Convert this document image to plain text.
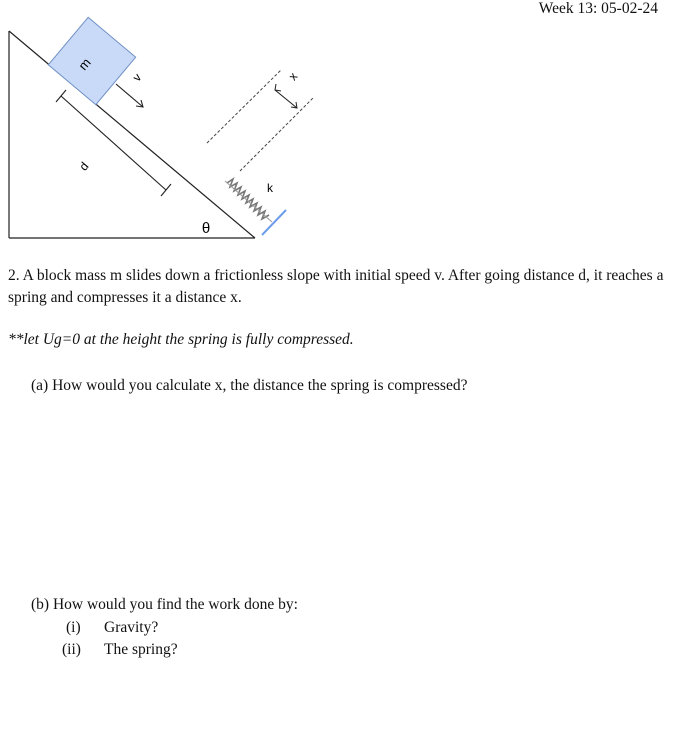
Week 13: 05-02-24
m
v
d
k
x
θ
2. A block mass m slides down a frictionless slope with initial speed v. After going distance d, it reaches a spring and compresses it a distance x.
**let Ug=0 at the height the spring is fully compressed.
(a) How would you calculate x, the distance the spring is compressed?
(b) How would you find the work done by:
(i) Gravity?
(ii) The spring?
